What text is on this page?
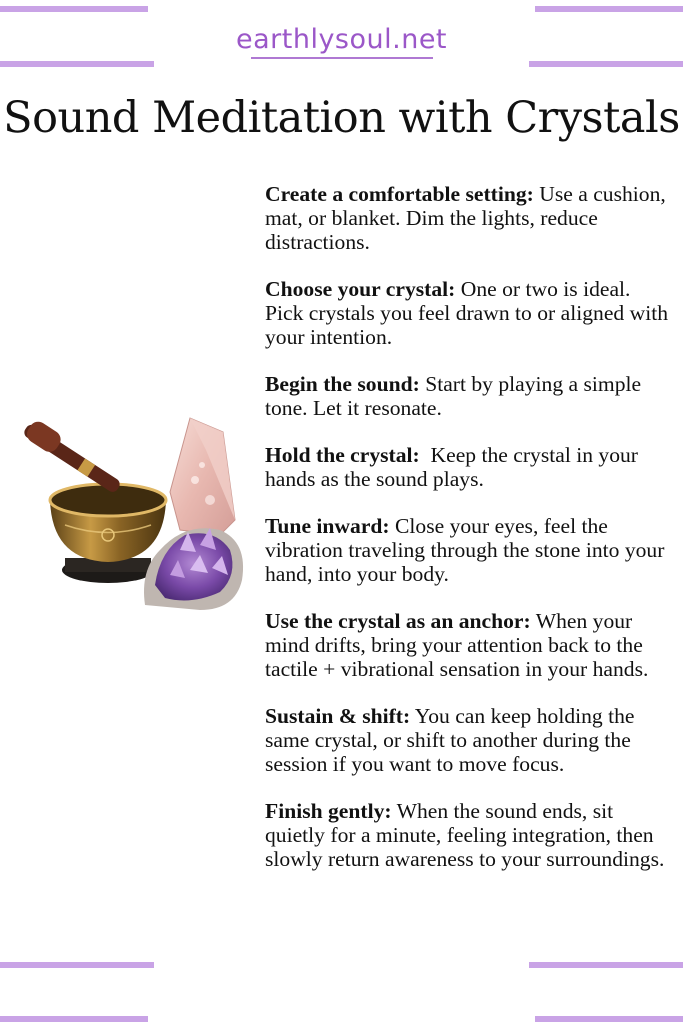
earthlysoul.net
Sound Meditation with Crystals
Create a comfortable setting: Use a cushion, mat, or blanket. Dim the lights, reduce distractions.
Choose your crystal: One or two is ideal. Pick crystals you feel drawn to or aligned with your intention.
Begin the sound: Start by playing a simple tone. Let it resonate.
Hold the crystal:  Keep the crystal in your hands as the sound plays.
Tune inward: Close your eyes, feel the vibration traveling through the stone into your hand, into your body.
Use the crystal as an anchor: When your mind drifts, bring your attention back to the tactile + vibrational sensation in your hands.
Sustain & shift: You can keep holding the same crystal, or shift to another during the session if you want to move focus.
Finish gently: When the sound ends, sit quietly for a minute, feeling integration, then slowly return awareness to your surroundings.
